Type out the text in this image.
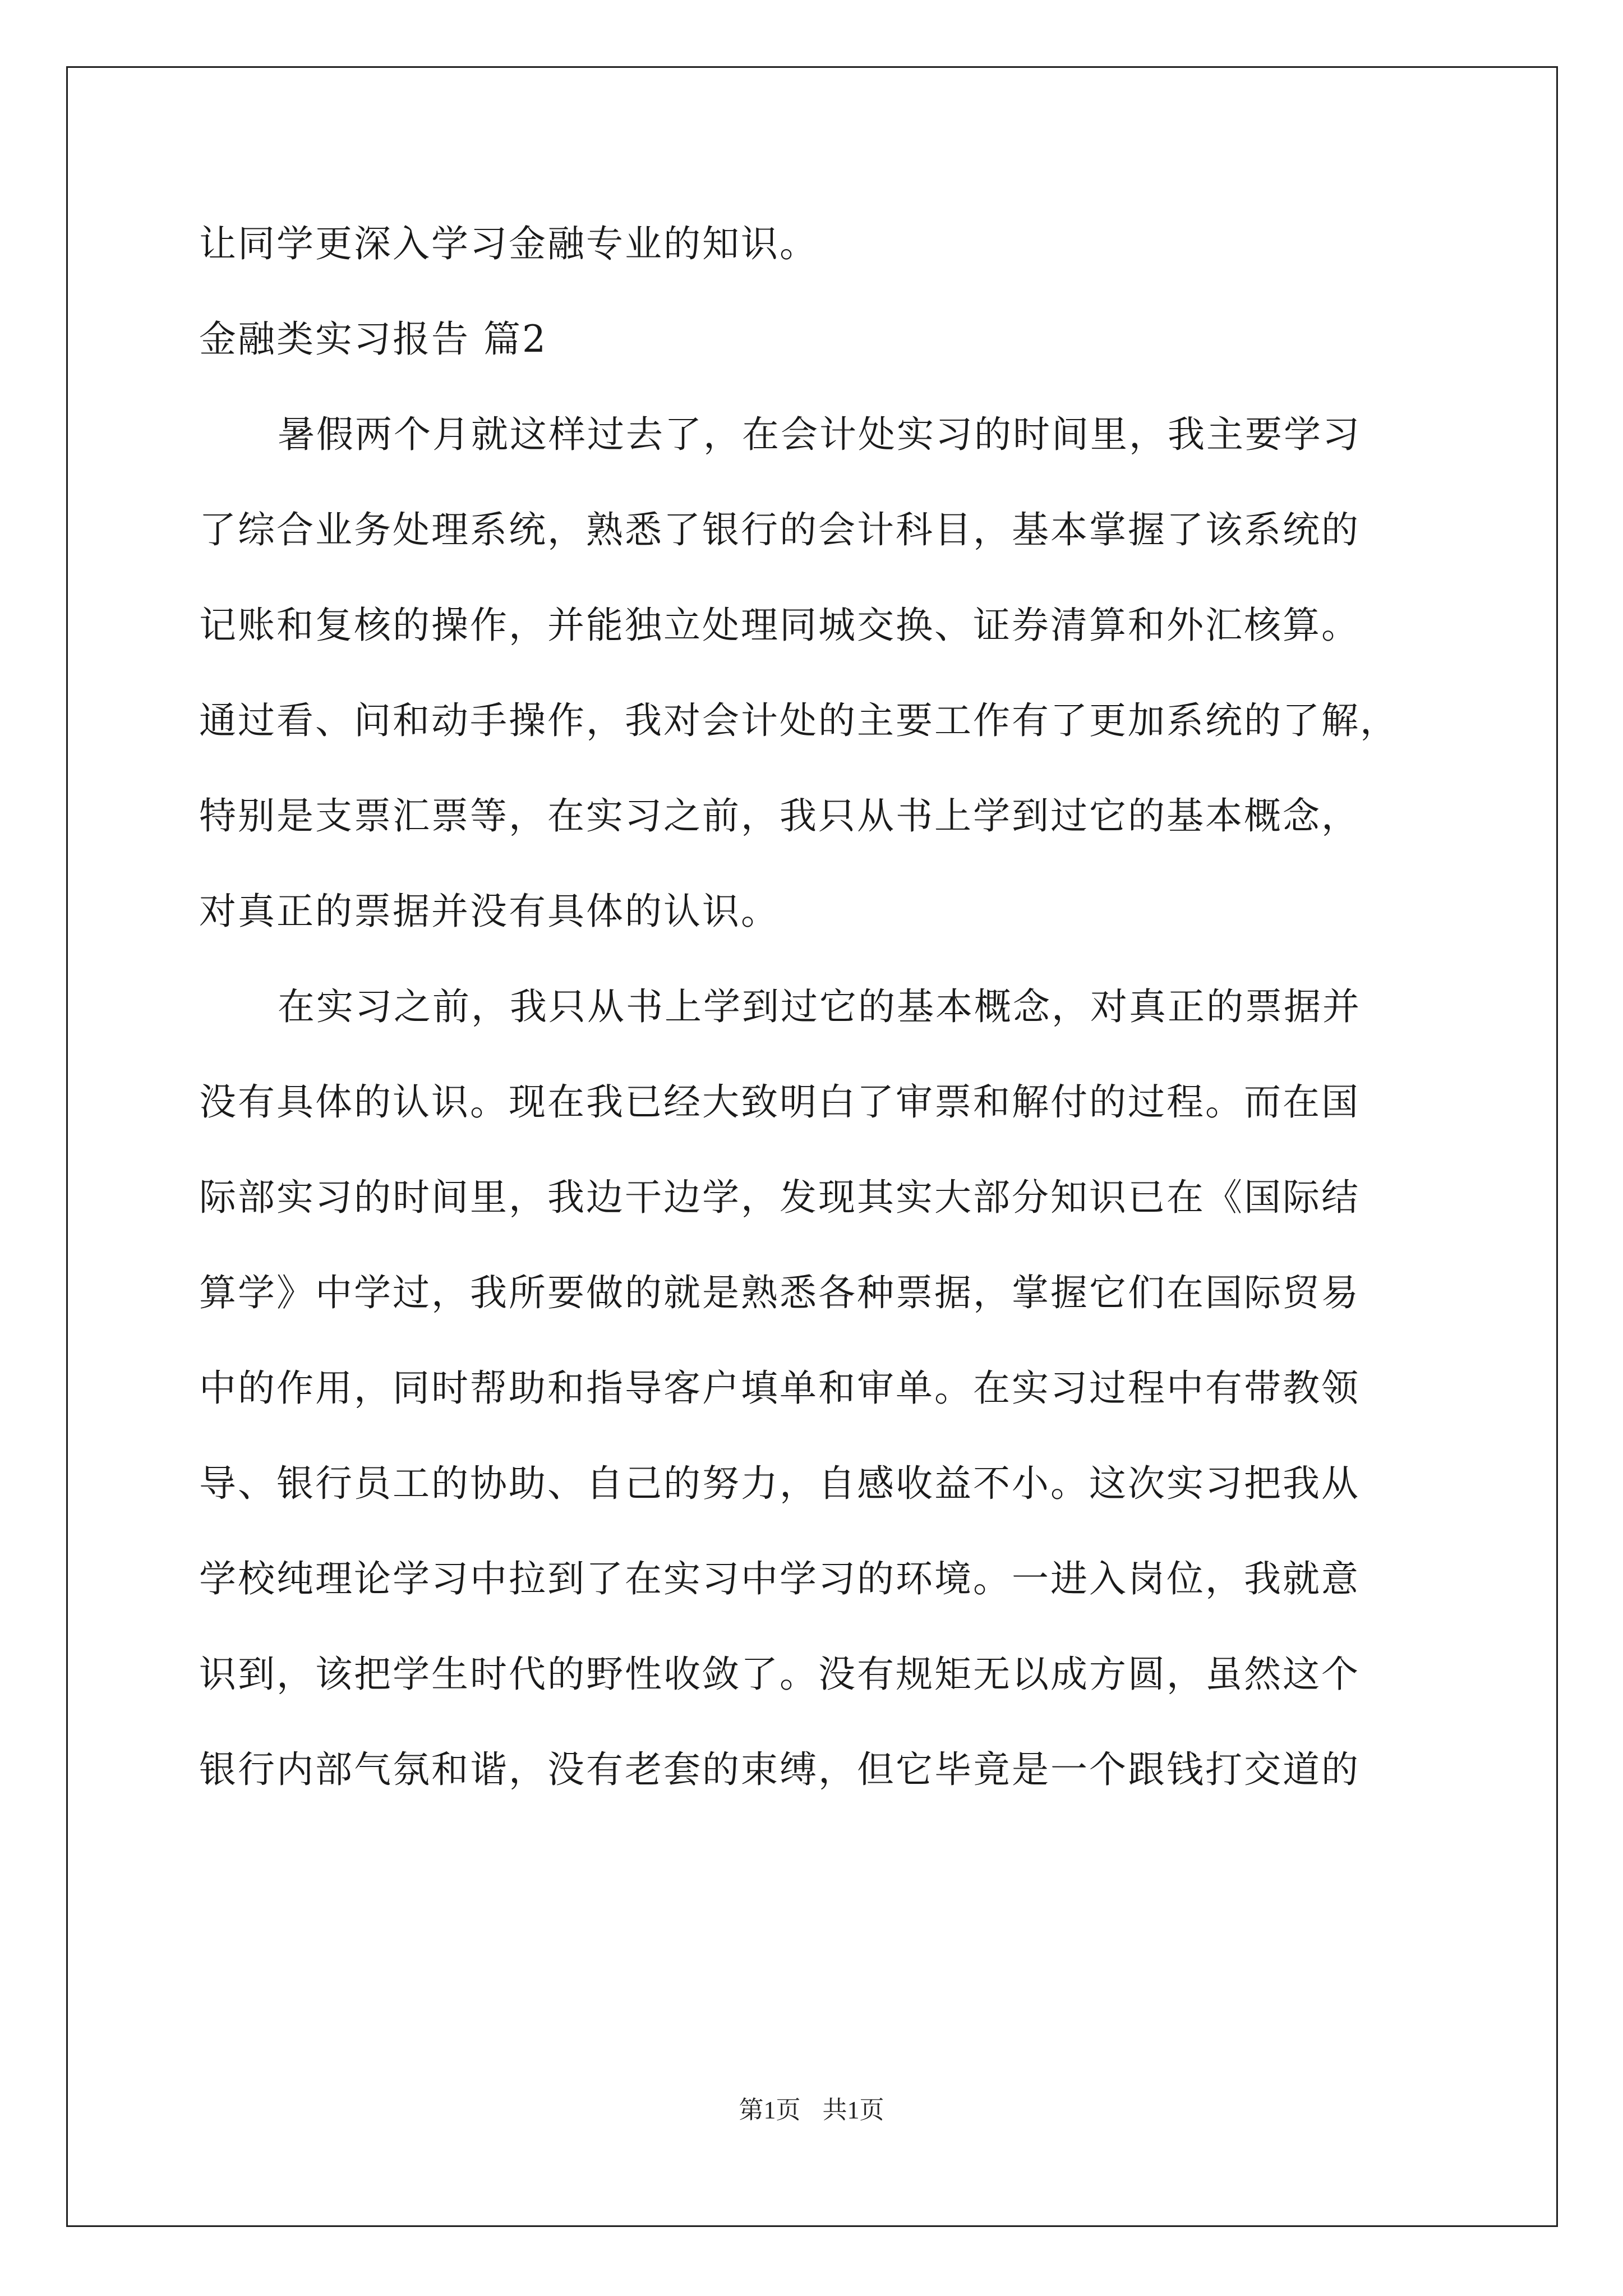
让同学更深入学习金融专业的知识。
金融类实习报告 篇2
暑假两个月就这样过去了，在会计处实习的时间里，我主要学习
了综合业务处理系统，熟悉了银行的会计科目，基本掌握了该系统的
记账和复核的操作，并能独立处理同城交换、证券清算和外汇核算。
通过看、问和动手操作，我对会计处的主要工作有了更加系统的了解，
特别是支票汇票等，在实习之前，我只从书上学到过它的基本概念，
对真正的票据并没有具体的认识。
在实习之前，我只从书上学到过它的基本概念，对真正的票据并
没有具体的认识。现在我已经大致明白了审票和解付的过程。而在国
际部实习的时间里，我边干边学，发现其实大部分知识已在《国际结
算学》中学过，我所要做的就是熟悉各种票据，掌握它们在国际贸易
中的作用，同时帮助和指导客户填单和审单。在实习过程中有带教领
导、银行员工的协助、自己的努力，自感收益不小。这次实习把我从
学校纯理论学习中拉到了在实习中学习的环境。一进入岗位，我就意
识到，该把学生时代的野性收敛了。没有规矩无以成方圆，虽然这个
银行内部气氛和谐，没有老套的束缚，但它毕竟是一个跟钱打交道的
第1页 共1页
